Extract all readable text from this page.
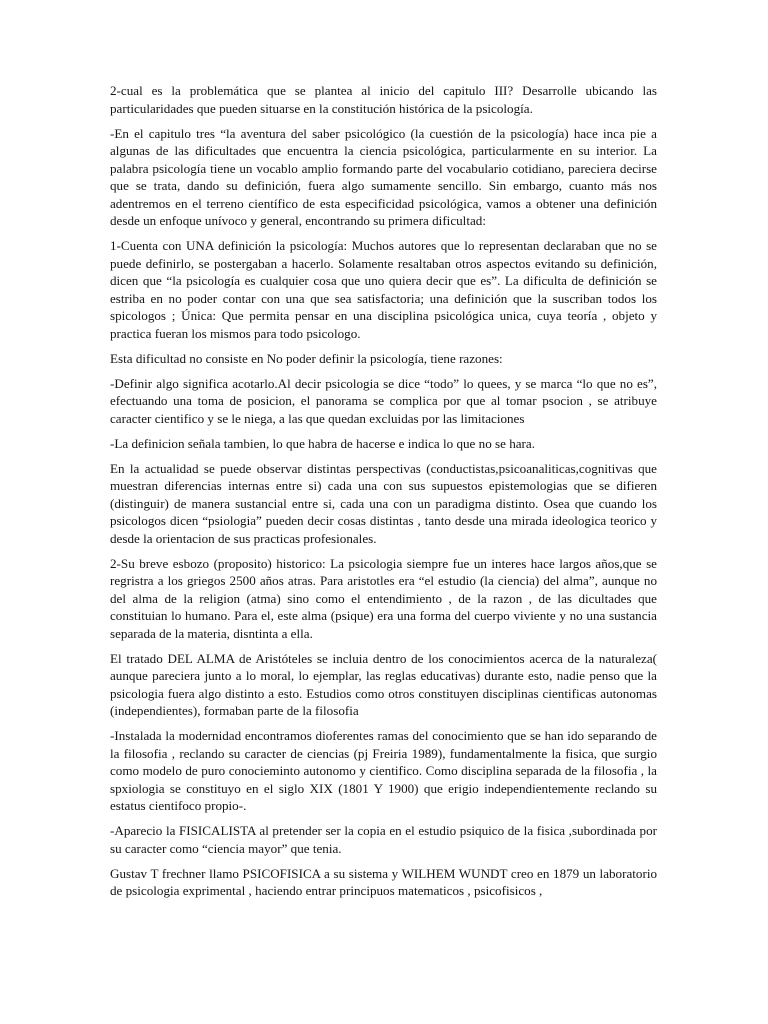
2-cual es la problemática que se plantea al inicio del capitulo III? Desarrolle ubicando las particularidades que pueden situarse en la constitución histórica de la psicología.

-En el capitulo tres “la aventura del saber psicológico (la cuestión de la psicología) hace inca pie a algunas de las dificultades que encuentra la ciencia psicológica, particularmente en su interior. La palabra psicología tiene un vocablo amplio formando parte del vocabulario cotidiano, pareciera decirse que se trata, dando su definición, fuera algo sumamente sencillo. Sin embargo, cuanto más nos adentremos en el terreno científico de esta especificidad psicológica, vamos a obtener una definición desde un enfoque unívoco y general, encontrando su primera dificultad:

1-Cuenta con UNA definición la psicología: Muchos autores que lo representan declaraban que no se puede definirlo, se postergaban a hacerlo. Solamente resaltaban otros aspectos evitando su definición, dicen que “la psicología es cualquier cosa que uno quiera decir que es”. La dificulta de definición se estriba en no poder contar con una que sea satisfactoria; una definición que la suscriban todos los spicologos ; Única: Que permita pensar en una disciplina psicológica unica, cuya teoría , objeto y practica fueran los mismos para todo psicologo.

Esta dificultad no consiste en No poder definir la psicología, tiene razones:

-Definir algo significa acotarlo.Al decir psicologia se dice “todo” lo quees, y se marca “lo que no es”, efectuando una toma de posicion, el panorama se complica por que al tomar psocion , se atribuye caracter cientifico y se le niega, a las que quedan excluidas por las limitaciones

-La definicion señala tambien, lo que habra de hacerse e indica lo que no se hara.

En la actualidad se puede observar distintas perspectivas (conductistas,psicoanaliticas,cognitivas que muestran diferencias internas entre si) cada una con sus supuestos epistemologias que se difieren (distinguir) de manera sustancial entre si, cada una con un paradigma distinto. Osea que cuando los psicologos dicen “psiologia” pueden decir cosas distintas , tanto desde una mirada ideologica teorico y desde la orientacion de sus practicas profesionales.

2-Su breve esbozo (proposito) historico: La psicologia siempre fue un interes hace largos años,que se regristra a los griegos 2500 años atras. Para aristotles era “el estudio (la ciencia) del alma”, aunque no del alma de la religion (atma) sino como el entendimiento , de la razon , de las dicultades que constituian lo humano. Para el, este alma (psique) era una forma del cuerpo viviente y no una sustancia separada de la materia, disntinta a ella.

El tratado DEL ALMA de Aristóteles se incluia dentro de los conocimientos acerca de la naturaleza( aunque pareciera junto a lo moral, lo ejemplar, las reglas educativas) durante esto, nadie penso que la psicologia fuera algo distinto a esto. Estudios como otros constituyen disciplinas cientificas autonomas (independientes), formaban parte de la filosofia

-Instalada la modernidad encontramos dioferentes ramas del conocimiento que se han ido separando de la filosofia , reclando su caracter de ciencias (pj Freiria 1989), fundamentalmente la fisica, que surgio como modelo de puro conocieminto autonomo y cientifico. Como disciplina separada de la filosofia , la spxiologia se constituyo en el siglo XIX (1801 Y 1900) que erigio independientemente reclando su estatus cientifoco propio-.

-Aparecio la FISICALISTA al pretender ser la copia en el estudio psiquico de la fisica ,subordinada por su caracter como “ciencia mayor” que tenia.

Gustav T frechner llamo PSICOFISICA a su sistema y WILHEM WUNDT creo en 1879 un laboratorio de psicologia exprimental , haciendo entrar principuos matematicos , psicofisicos ,
